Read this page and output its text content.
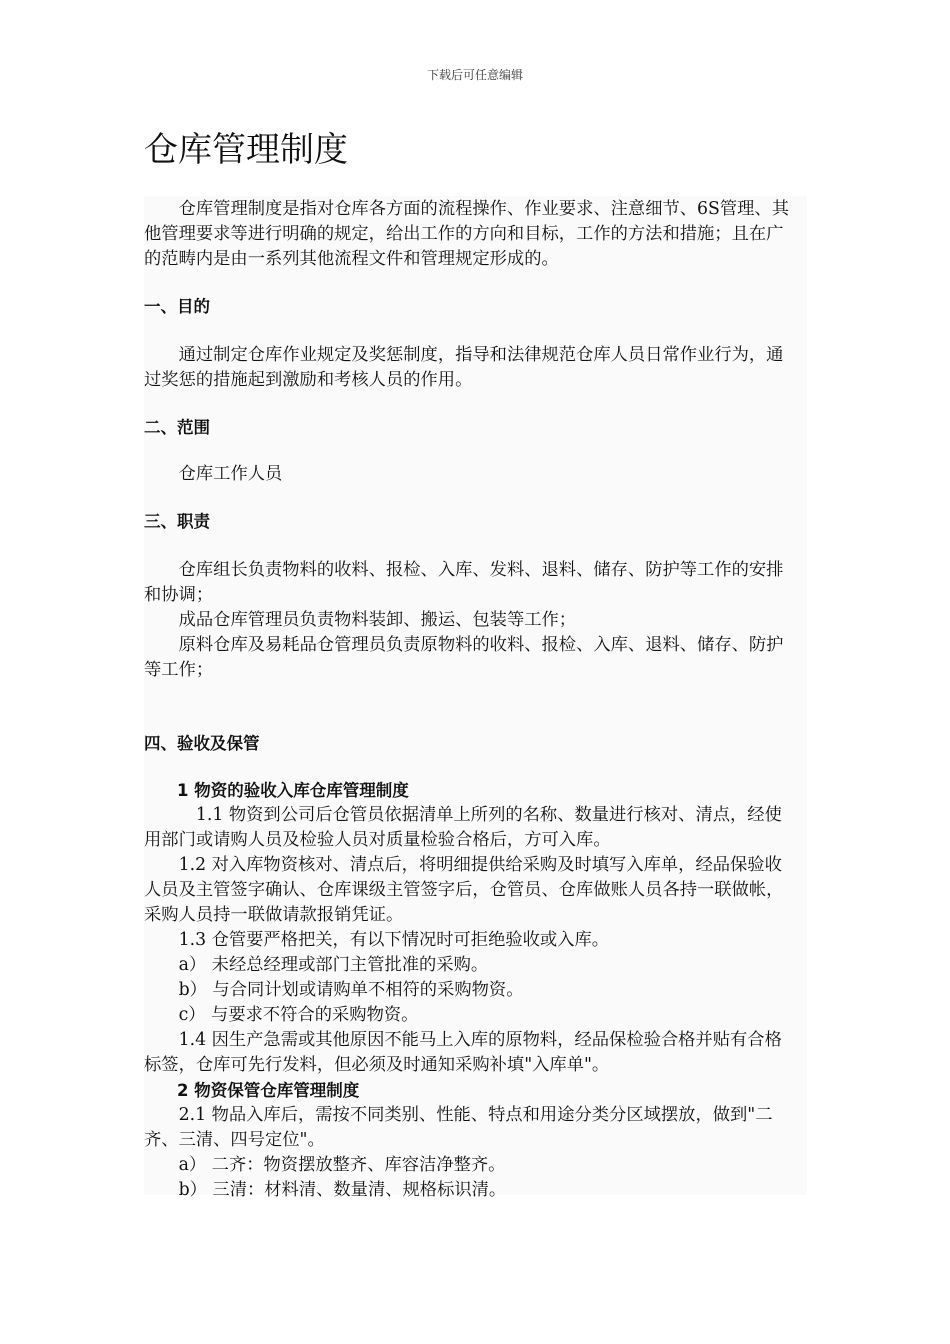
下载后可任意编辑
仓库管理制度

仓库管理制度是指对仓库各方面的流程操作、作业要求、注意细节、6S管理、其他管理要求等进行明确的规定，给出工作的方向和目标，工作的方法和措施；且在广的范畴内是由一系列其他流程文件和管理规定形成的。

一、目的

通过制定仓库作业规定及奖惩制度，指导和法律规范仓库人员日常作业行为，通过奖惩的措施起到激励和考核人员的作用。

二、范围

仓库工作人员

三、职责

仓库组长负责物料的收料、报检、入库、发料、退料、储存、防护等工作的安排和协调；

成品仓库管理员负责物料装卸、搬运、包装等工作；

原料仓库及易耗品仓管理员负责原物料的收料、报检、入库、退料、储存、防护等工作；

四、验收及保管

1 物资的验收入库仓库管理制度

1.1 物资到公司后仓管员依据清单上所列的名称、数量进行核对、清点，经使用部门或请购人员及检验人员对质量检验合格后，方可入库。

1.2 对入库物资核对、清点后，将明细提供给采购及时填写入库单，经品保验收人员及主管签字确认、仓库课级主管签字后，仓管员、仓库做账人员各持一联做帐，采购人员持一联做请款报销凭证。

1.3 仓管要严格把关，有以下情况时可拒绝验收或入库。

a） 未经总经理或部门主管批准的采购。

b） 与合同计划或请购单不相符的采购物资。

c） 与要求不符合的采购物资。

1.4 因生产急需或其他原因不能马上入库的原物料，经品保检验合格并贴有合格标签，仓库可先行发料，但必须及时通知采购补填"入库单"。

2 物资保管仓库管理制度

2.1 物品入库后，需按不同类别、性能、特点和用途分类分区域摆放，做到"二齐、三清、四号定位"。

a） 二齐：物资摆放整齐、库容洁净整齐。

b） 三清：材料清、数量清、规格标识清。
